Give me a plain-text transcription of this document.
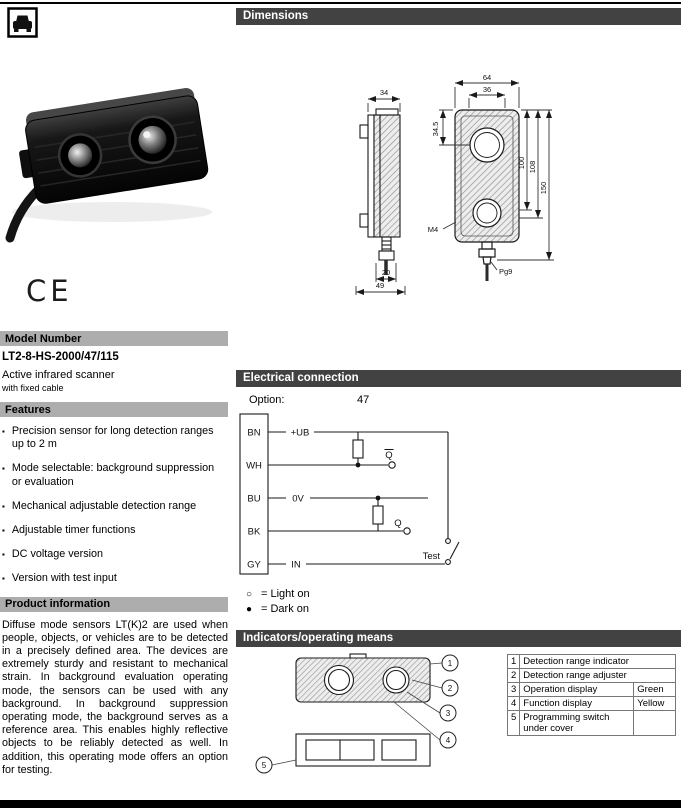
CE
Model Number
LT2-8-HS-2000/47/115
Active infrared scanner
with fixed cable
Features
▪ Precision sensor for long detection ranges up to 2 m
▪ Mode selectable: background suppression or evaluation
▪ Mechanical adjustable detection range
▪ Adjustable timer functions
▪ DC voltage version
▪ Version with test input
Product information
Diffuse mode sensors LT(K)2 are used when people, objects, or vehicles are to be detected in a precisely defined area. The devices are extremely sturdy and resistant to mechanical strain. In background evaluation operating mode, the sensors can be used with any background. In background suppression operating mode, the background serves as a reference area. This enables highly reflective objects to be reliably detected as well. In addition, this operating mode offers an option for testing.
Dimensions
34
20
49
64
36
34.5
100 108
150
M4
Pg9
Electrical connection
Option:	47
BN
WH
BU
BK
GY
+UB
0V
IN
Q
Q
Test
○ = Light on
● = Dark on
Indicators/operating means
1
2
3
4
5
1	Detection range indicator	
2	Detection range adjuster	
3	Operation display	Green
4	Function display	Yellow
5	Programming switch under cover	
